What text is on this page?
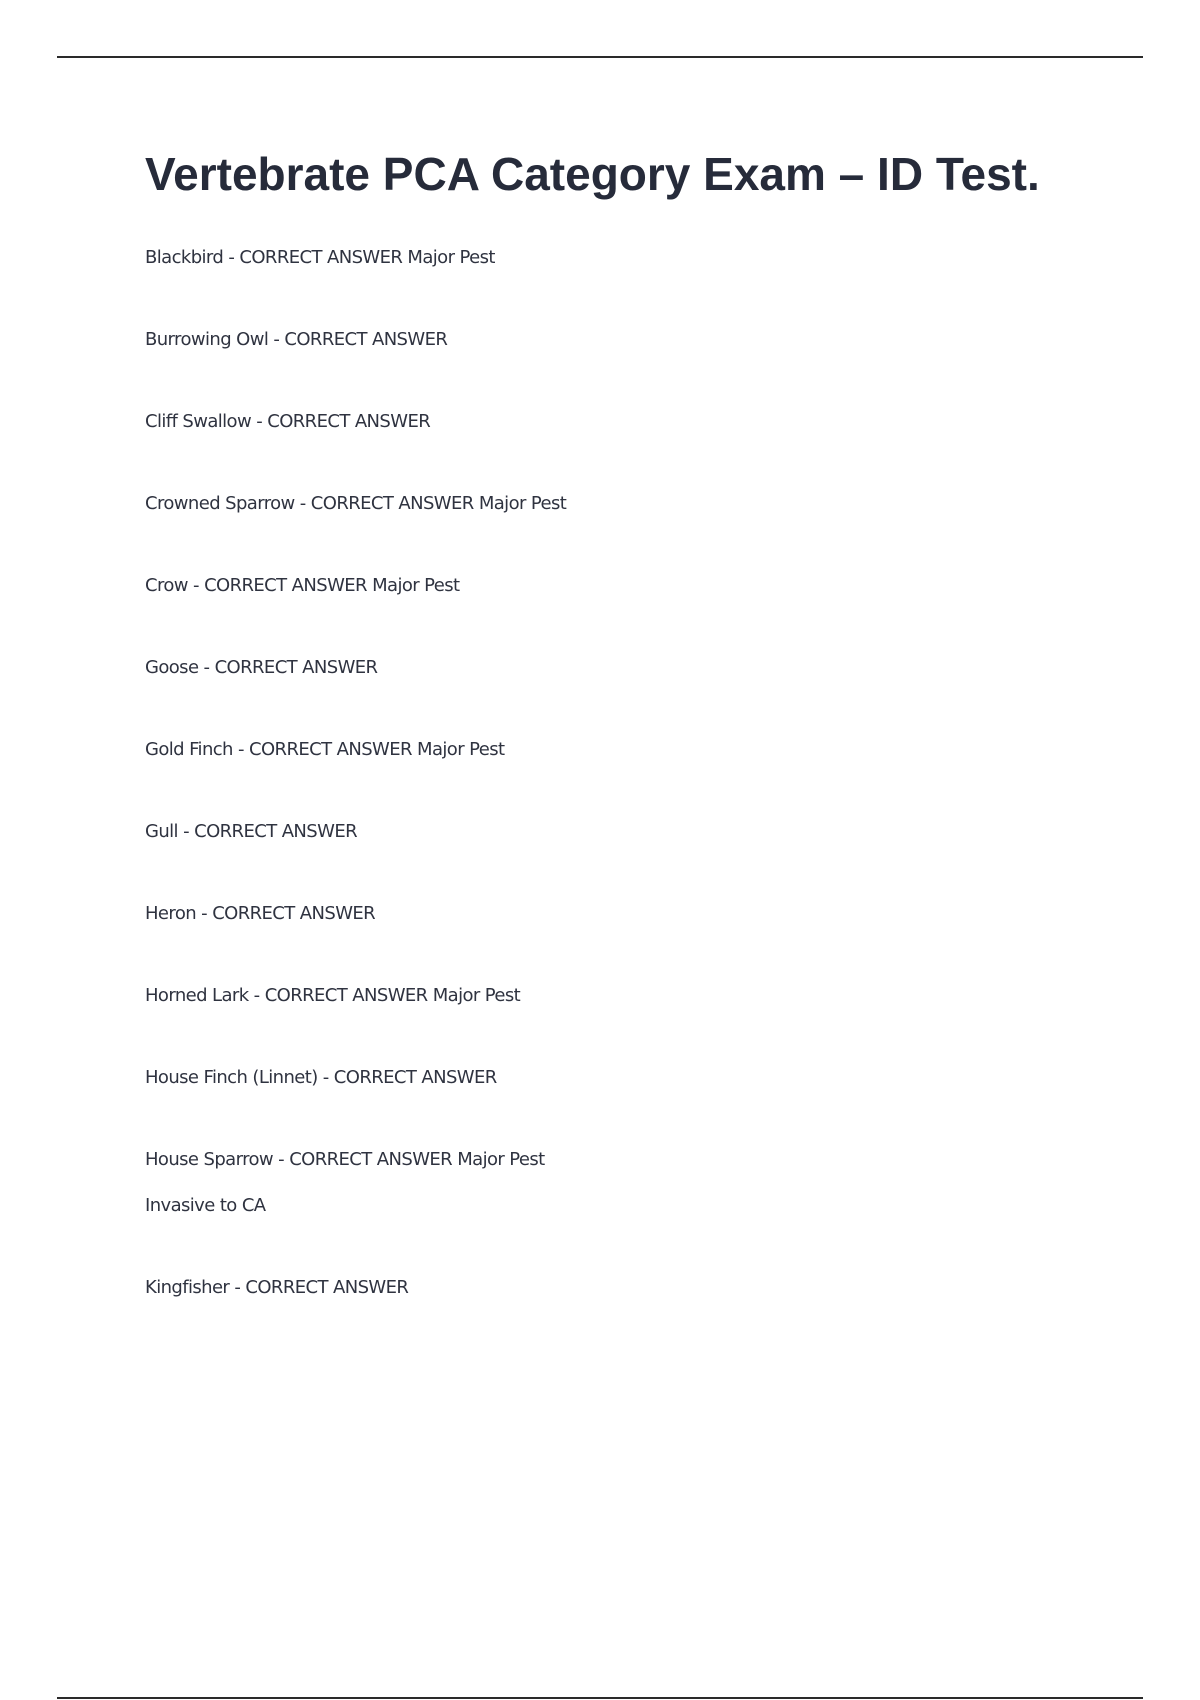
Vertebrate PCA Category Exam – ID Test.
Blackbird - CORRECT ANSWER Major Pest
Burrowing Owl - CORRECT ANSWER
Cliff Swallow - CORRECT ANSWER
Crowned Sparrow - CORRECT ANSWER Major Pest
Crow - CORRECT ANSWER Major Pest
Goose - CORRECT ANSWER
Gold Finch - CORRECT ANSWER Major Pest
Gull - CORRECT ANSWER
Heron - CORRECT ANSWER
Horned Lark - CORRECT ANSWER Major Pest
House Finch (Linnet) - CORRECT ANSWER
House Sparrow - CORRECT ANSWER Major Pest
Invasive to CA
Kingfisher - CORRECT ANSWER
